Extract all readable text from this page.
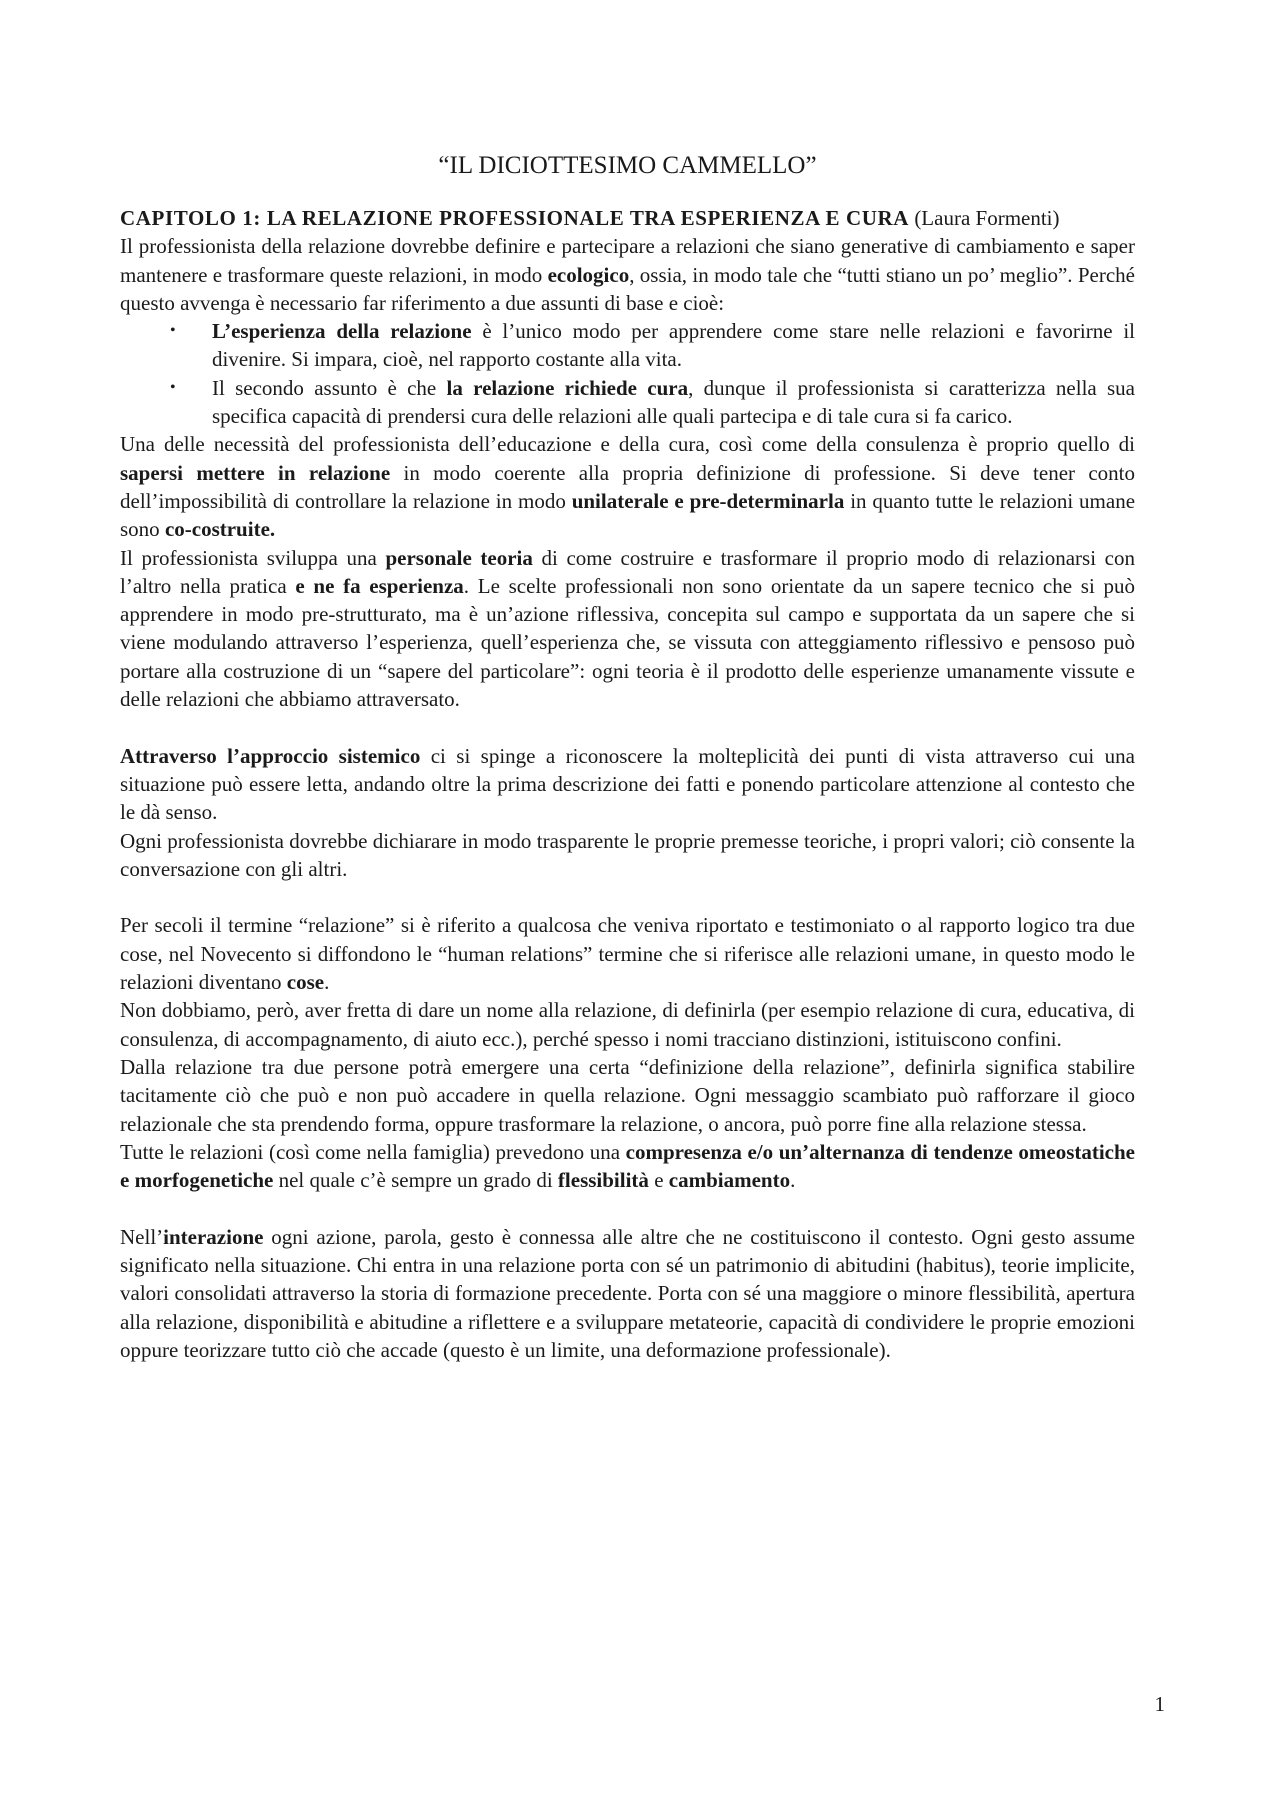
“IL DICIOTTESIMO CAMMELLO”

CAPITOLO 1: LA RELAZIONE PROFESSIONALE TRA ESPERIENZA E CURA (Laura Formenti)

Il professionista della relazione dovrebbe definire e partecipare a relazioni che siano generative di cambiamento e saper mantenere e trasformare queste relazioni, in modo ecologico, ossia, in modo tale che “tutti stiano un po’ meglio”. Perché questo avvenga è necessario far riferimento a due assunti di base e cioè:

• L’esperienza della relazione è l’unico modo per apprendere come stare nelle relazioni e favorirne il divenire. Si impara, cioè, nel rapporto costante alla vita.
• Il secondo assunto è che la relazione richiede cura, dunque il professionista si caratterizza nella sua specifica capacità di prendersi cura delle relazioni alle quali partecipa e di tale cura si fa carico.

Una delle necessità del professionista dell’educazione e della cura, così come della consulenza è proprio quello di sapersi mettere in relazione in modo coerente alla propria definizione di professione. Si deve tener conto dell’impossibilità di controllare la relazione in modo unilaterale e pre-determinarla in quanto tutte le relazioni umane sono co-costruite.

Il professionista sviluppa una personale teoria di come costruire e trasformare il proprio modo di relazionarsi con l’altro nella pratica e ne fa esperienza. Le scelte professionali non sono orientate da un sapere tecnico che si può apprendere in modo pre-strutturato, ma è un’azione riflessiva, concepita sul campo e supportata da un sapere che si viene modulando attraverso l’esperienza, quell’esperienza che, se vissuta con atteggiamento riflessivo e pensoso può portare alla costruzione di un “sapere del particolare”: ogni teoria è il prodotto delle esperienze umanamente vissute e delle relazioni che abbiamo attraversato.

Attraverso l’approccio sistemico ci si spinge a riconoscere la molteplicità dei punti di vista attraverso cui una situazione può essere letta, andando oltre la prima descrizione dei fatti e ponendo particolare attenzione al contesto che le dà senso.

Ogni professionista dovrebbe dichiarare in modo trasparente le proprie premesse teoriche, i propri valori; ciò consente la conversazione con gli altri.

Per secoli il termine “relazione” si è riferito a qualcosa che veniva riportato e testimoniato o al rapporto logico tra due cose, nel Novecento si diffondono le “human relations” termine che si riferisce alle relazioni umane, in questo modo le relazioni diventano cose.

Non dobbiamo, però, aver fretta di dare un nome alla relazione, di definirla (per esempio relazione di cura, educativa, di consulenza, di accompagnamento, di aiuto ecc.), perché spesso i nomi tracciano distinzioni, istituiscono confini.

Dalla relazione tra due persone potrà emergere una certa “definizione della relazione”, definirla significa stabilire tacitamente ciò che può e non può accadere in quella relazione. Ogni messaggio scambiato può rafforzare il gioco relazionale che sta prendendo forma, oppure trasformare la relazione, o ancora, può porre fine alla relazione stessa.

Tutte le relazioni (così come nella famiglia) prevedono una compresenza e/o un’alternanza di tendenze omeostatiche e morfogenetiche nel quale c’è sempre un grado di flessibilità e cambiamento.

Nell’interazione ogni azione, parola, gesto è connessa alle altre che ne costituiscono il contesto. Ogni gesto assume significato nella situazione. Chi entra in una relazione porta con sé un patrimonio di abitudini (habitus), teorie implicite, valori consolidati attraverso la storia di formazione precedente. Porta con sé una maggiore o minore flessibilità, apertura alla relazione, disponibilità e abitudine a riflettere e a sviluppare metateorie, capacità di condividere le proprie emozioni oppure teorizzare tutto ciò che accade (questo è un limite, una deformazione professionale).

1
